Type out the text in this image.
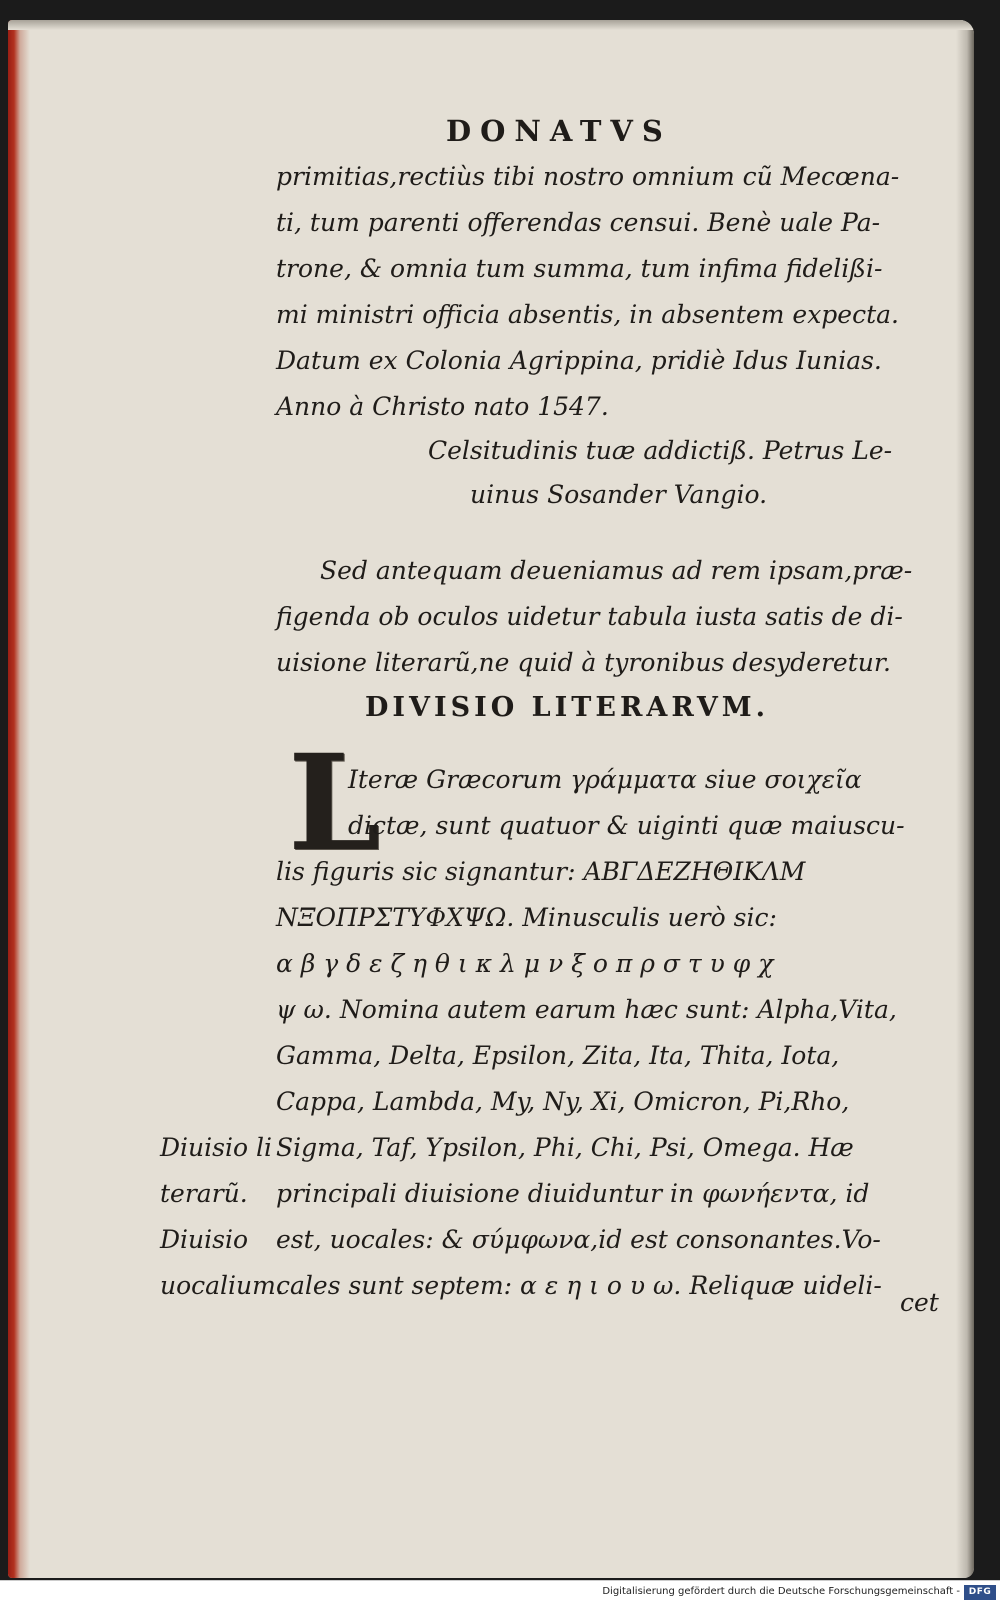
DONATVS

primitias,rectiùs tibi nostro omnium cũ Mecœna-

ti, tum parenti offerendas censui. Benè uale Pa-

trone, & omnia tum summa, tum infima fidelißi-

mi ministri officia absentis, in absentem expecta.

Datum ex Colonia Agrippina, pridiè Idus Iunias.

Anno à Christo nato 1547.

Celsitudinis tuæ addictiß. Petrus Le-

uinus Sosander Vangio.

Sed antequam deueniamus ad rem ipsam,præ-

figenda ob oculos uidetur tabula iusta satis de di-

uisione literarũ,ne quid à tyronibus desyderetur.

DIVISIO LITERARVM.
L

Iteræ Græcorum γράμματα siue σοιχεῖα

dictæ, sunt quatuor & uiginti quæ maiuscu-

lis figuris sic signantur: ΑΒΓΔΕΖΗΘΙΚΛΜ

ΝΞΟΠΡΣΤΥΦΧΨΩ. Minusculis uerò sic:

α β γ δ ε ζ η θ ι κ λ μ ν ξ ο π ρ σ τ υ φ χ

ψ ω. Nomina autem earum hæc sunt: Alpha,Vita,

Gamma, Delta, Epsilon, Zita, Ita, Thita, Iota,

Cappa, Lambda, My, Ny, Xi, Omicron, Pi,Rho,

Sigma, Taf, Ypsilon, Phi, Chi, Psi, Omega. Hæ

principali diuisione diuiduntur in φωνήεντα, id

est, uocales: & σύμφωνα,id est consonantes.Vo-

cales sunt septem: α ε η ι ο υ ω. Reliquæ uideli-

Diuisio li

terarũ.

Diuisio

uocalium.

cet

Digitalisierung gefördert durch die Deutsche Forschungsgemeinschaft - DFG
